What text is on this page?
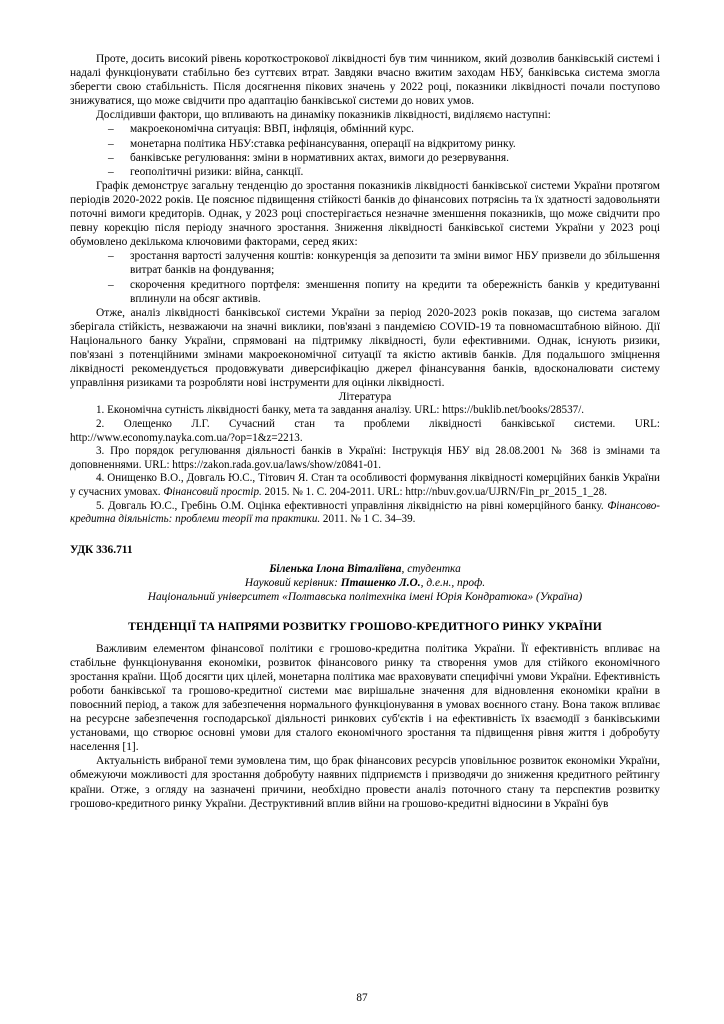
Проте, досить високий рівень короткострокової ліквідності був тим чинником, який дозволив банківській системі і надалі функціонувати стабільно без суттєвих втрат. Завдяки вчасно вжитим заходам НБУ, банківська система змогла зберегти свою стабільність. Після досягнення пікових значень у 2022 році, показники ліквідності почали поступово знижуватися, що може свідчити про адаптацію банківської системи до нових умов.

Дослідивши фактори, що впливають на динаміку показників ліквідності, виділяємо наступні:

– макроекономічна ситуація: ВВП, інфляція, обмінний курс.
– монетарна політика НБУ:ставка рефінансування, операції на відкритому ринку.
– банківське регулювання: зміни в нормативних актах, вимоги до резервування.
– геополітичні ризики: війна, санкції.

Графік демонструє загальну тенденцію до зростання показників ліквідності банківської системи України протягом періодів 2020-2022 років. Це пояснює підвищення стійкості банків до фінансових потрясінь та їх здатності задовольняти поточні вимоги кредиторів. Однак, у 2023 році спостерігається незначне зменшення показників, що може свідчити про певну корекцію після періоду значного зростання. Зниження ліквідності банківської системи України у 2023 році обумовлено декількома ключовими факторами, серед яких:

– зростання вартості залучення коштів: конкуренція за депозити та зміни вимог НБУ призвели до збільшення витрат банків на фондування;
– скорочення кредитного портфеля: зменшення попиту на кредити та обережність банків у кредитуванні вплинули на обсяг активів.

Отже, аналіз ліквідності банківської системи України за період 2020-2023 років показав, що система загалом зберігала стійкість, незважаючи на значні виклики, пов'язані з пандемією COVID-19 та повномасштабною війною. Дії Національного банку України, спрямовані на підтримку ліквідності, були ефективними. Однак, існують ризики, пов'язані з потенційними змінами макроекономічної ситуації та якістю активів банків. Для подальшого зміцнення ліквідності рекомендується продовжувати диверсифікацію джерел фінансування банків, вдосконалювати систему управління ризиками та розробляти нові інструменти для оцінки ліквідності.

Література

1. Економічна сутність ліквідності банку, мета та завдання аналізу. URL: https://buklib.net/books/28537/.

2. Олещенко Л.Г. Сучасний стан та проблеми ліквідності банківської системи. URL: http://www.economy.nayka.com.ua/?op=1&z=2213.

3. Про порядок регулювання діяльності банків в Україні: Інструкція НБУ від 28.08.2001 № 368 із змінами та доповненнями. URL: https://zakon.rada.gov.ua/laws/show/z0841-01.

4. Онищенко В.О., Довгаль Ю.С., Тітович Я. Стан та особливості формування ліквідності комерційних банків України у сучасних умовах. Фінансовий простір. 2015. № 1. С. 204-2011. URL: http://nbuv.gov.ua/UJRN/Fin_pr_2015_1_28.

5. Довгаль Ю.С., Гребінь О.М. Оцінка ефективності управління ліквідністю на рівні комерційного банку. Фінансово-кредитна діяльність: проблеми теорії та практики. 2011. № 1 С. 34–39.

УДК 336.711
Біленька Ілона Віталіївна, студентка
Науковий керівник: Пташенко Л.О., д.е.н., проф.
Національний університет «Полтавська політехніка імені Юрія Кондратюка» (Україна)
ТЕНДЕНЦІЇ ТА НАПРЯМИ РОЗВИТКУ ГРОШОВО-КРЕДИТНОГО РИНКУ УКРАЇНИ

Важливим елементом фінансової політики є грошово-кредитна політика України. Її ефективність впливає на стабільне функціонування економіки, розвиток фінансового ринку та створення умов для стійкого економічного зростання країни. Щоб досягти цих цілей, монетарна політика має враховувати специфічні умови України. Ефективність роботи банківської та грошово-кредитної системи має вирішальне значення для відновлення економіки країни в повоєнний період, а також для забезпечення нормального функціонування в умовах воєнного стану. Вона також впливає на ресурсне забезпечення господарської діяльності ринкових суб'єктів і на ефективність їх взаємодії з банківськими установами, що створює основні умови для сталого економічного зростання та підвищення рівня життя і добробуту населення [1].

Актуальність вибраної теми зумовлена тим, що брак фінансових ресурсів уповільнює розвиток економіки України, обмежуючи можливості для зростання добробуту наявних підприємств і призводячи до зниження кредитного рейтингу країни. Отже, з огляду на зазначені причини, необхідно провести аналіз поточного стану та перспектив розвитку грошово-кредитного ринку України. Деструктивний вплив війни на грошово-кредитні відносини в Україні був

87
